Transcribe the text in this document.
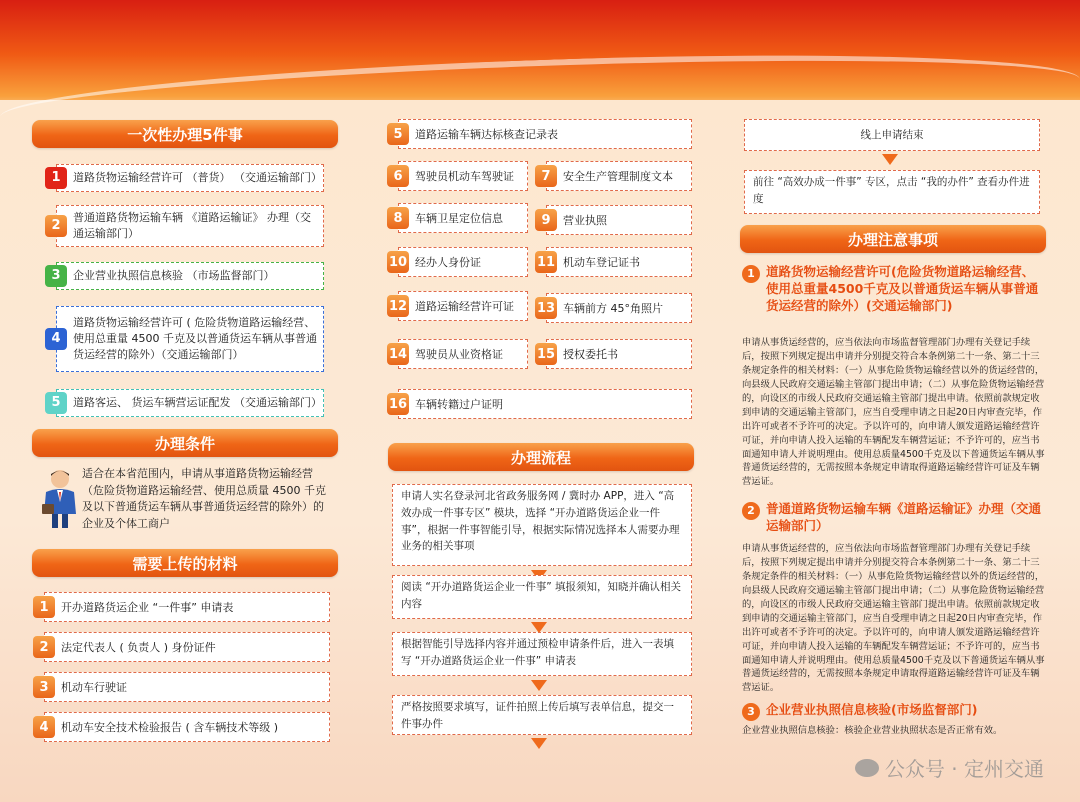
一次性办理5件事
1	道路货物运输经营许可 （普货） （交通运输部门）
2
普通道路货物运输车辆 《道路运输证》 办理（交通运输部门）
3	企业营业执照信息核验 （市场监督部门）
4
道路货物运输经营许可 ( 危险货物道路运输经营、使用总重量 4500 千克及以普通货运车辆从事普通货运经营的除外）（交通运输部门）
5	道路客运、 货运车辆营运证配发 （交通运输部门）
办理条件
适合在本省范围内，申请从事道路货物运输经营（危险货物道路运输经营、使用总质量 4500 千克及以下普通货运车辆从事普通货运经营的除外）的企业及个体工商户
需要上传的材料
1	开办道路货运企业 “一件事” 申请表
2	法定代表人 ( 负责人 ) 身份证件
3	机动车行驶证
4	机动车安全技术检验报告 ( 含车辆技术等级 )
5	道路运输车辆达标核查记录表
6	驾驶员机动车驾驶证	7	安全生产管理制度文本
8	车辆卫星定位信息	9	营业执照
10 经办人身份证	11 机动车登记证书
12 道路运输经营许可证 13 车辆前方 45°角照片
14 驾驶员从业资格证	15 授权委托书
16 车辆转籍过户证明
办理流程
申请人实名登录河北省政务服务网 / 冀时办 APP，进入 “高效办成一件事专区” 模块，选择 “开办道路货运企业一件事”，根据一件事智能引导，根据实际情况选择本人需要办理业务的相关事项
阅读 “开办道路货运企业一件事” 填报须知，知晓并确认相关内容
根据智能引导选择内容并通过预检申请条件后，进入一表填写 “开办道路货运企业一件事” 申请表
严格按照要求填写，证件拍照上传后填写表单信息，提交一件事办件
线上申请结束
前往 “高效办成一件事” 专区，点击 “我的办件” 查看办件进度
办理注意事项
1 道路货物运输经营许可(危险货物道路运输经营、使用总重量4500千克及以普通货运车辆从事普通货运经营的除外）(交通运输部门)
申请从事货运经营的，应当依法向市场监督管理部门办理有关登记手续后，按照下列规定提出申请并分别提交符合本条例第二十一条、第二十三条规定条件的相关材料：（一）从事危险货物运输经营以外的货运经营的，向县级人民政府交通运输主管部门提出申请；（二）从事危险货物运输经营的，向设区的市级人民政府交通运输主管部门提出申请。依照前款规定收到申请的交通运输主管部门，应当自受理申请之日起20日内审查完毕，作出许可或者不予许可的决定。予以许可的，向申请人颁发道路运输经营许可证，并向申请人投入运输的车辆配发车辆营运证；不予许可的，应当书面通知申请人并说明理由。使用总质量4500千克及以下普通货运车辆从事普通货运经营的，无需按照本条规定申请取得道路运输经营许可证及车辆营运证。
2 普通道路货物运输车辆《道路运输证》办理（交通运输部门）
申请从事货运经营的，应当依法向市场监督管理部门办理有关登记手续后，按照下列规定提出申请并分别提交符合本条例第二十一条、第二十三条规定条件的相关材料：（一）从事危险货物运输经营以外的货运经营的，向县级人民政府交通运输主管部门提出申请；（二）从事危险货物运输经营的，向设区的市级人民政府交通运输主管部门提出申请。依照前款规定收到申请的交通运输主管部门，应当自受理申请之日起20日内审查完毕，作出许可或者不予许可的决定。予以许可的，向申请人颁发道路运输经营许可证，并向申请人投入运输的车辆配发车辆营运证；不予许可的，应当书面通知申请人并说明理由。使用总质量4500千克及以下普通货运车辆从事普通货运经营的，无需按照本条规定申请取得道路运输经营许可证及车辆营运证。
3 企业营业执照信息核验(市场监督部门)
企业营业执照信息核验：核验企业营业执照状态是否正常有效。
公众号 · 定州交通
